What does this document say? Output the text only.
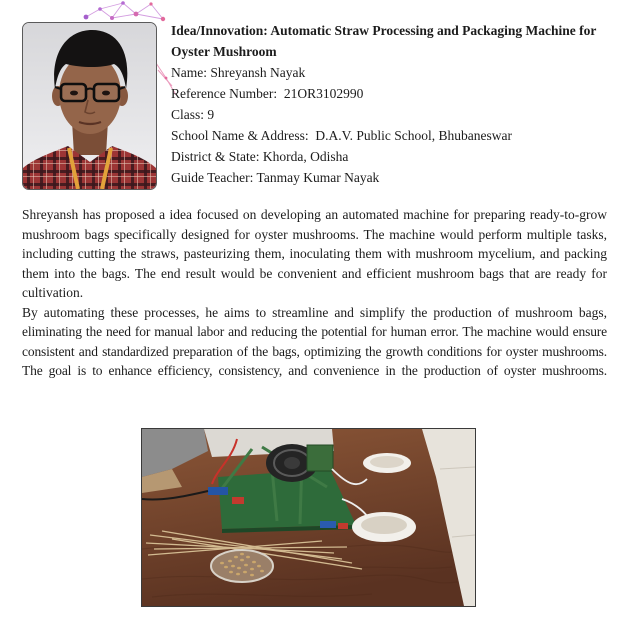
Idea/Innovation: Automatic Straw Processing and Packaging Machine for Oyster Mushroom
Name: Shreyansh Nayak
Reference Number: 21OR3102990
Class: 9
School Name & Address: D.A.V. Public School, Bhubaneswar
District & State: Khorda, Odisha
Guide Teacher: Tanmay Kumar Nayak
Shreyansh has proposed a idea focused on developing an automated machine for preparing ready-to-grow
mushroom bags specifically designed for oyster mushrooms. The machine would perform multiple tasks,
including cutting the straws, pasteurizing them, inoculating them with mushroom mycelium, and packing
them into the bags. The end result would be convenient and efficient mushroom bags that are ready for
cultivation.
By automating these processes, he aims to streamline and simplify the production of mushroom bags,
eliminating the need for manual labor and reducing the potential for human error. The machine would ensure
consistent and standardized preparation of the bags, optimizing the growth conditions for oyster mushrooms.
The goal is to enhance efficiency, consistency, and convenience in the production of oyster mushrooms.
